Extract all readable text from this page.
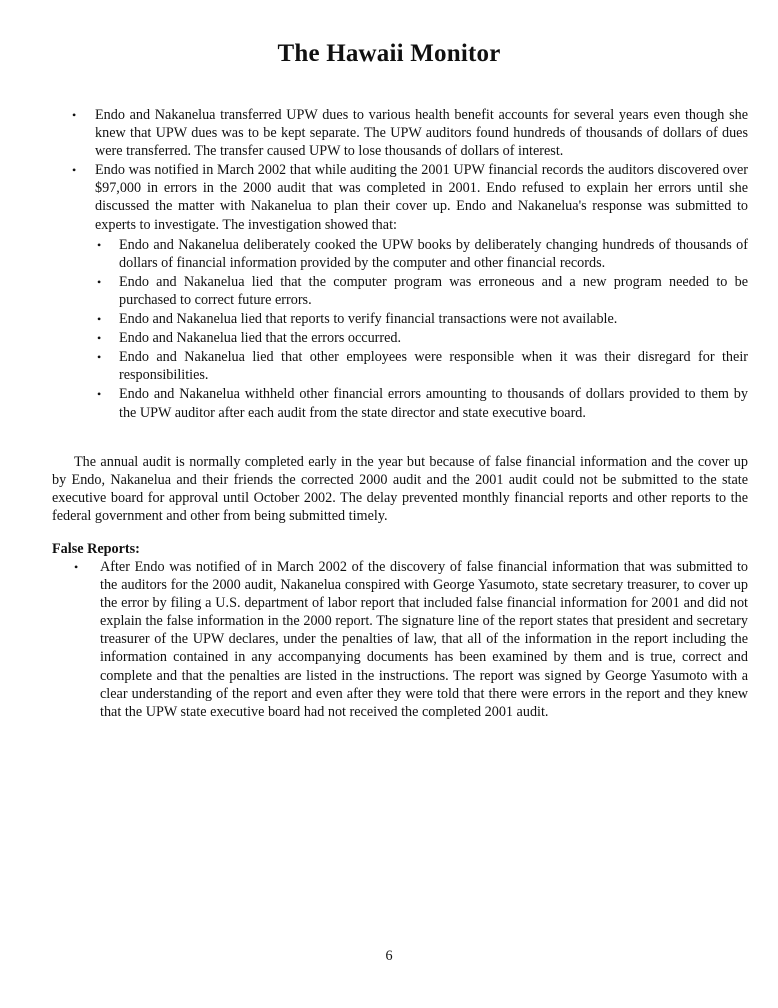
The Hawaii Monitor
• Endo and Nakanelua transferred UPW dues to various health benefit accounts for several years even though she knew that UPW dues was to be kept separate. The UPW auditors found hundreds of thousands of dollars of dues were transferred. The transfer caused UPW to lose thousands of dollars of interest.
• Endo was notified in March 2002 that while auditing the 2001 UPW financial records the auditors discovered over $97,000 in errors in the 2000 audit that was completed in 2001. Endo refused to explain her errors until she discussed the matter with Nakanelua to plan their cover up. Endo and Nakanelua's response was submitted to experts to investigate. The investigation showed that:
• Endo and Nakanelua deliberately cooked the UPW books by deliberately changing hundreds of thousands of dollars of financial information provided by the computer and other financial records.
• Endo and Nakanelua lied that the computer program was erroneous and a new program needed to be purchased to correct future errors.
• Endo and Nakanelua lied that reports to verify financial transactions were not available.
• Endo and Nakanelua lied that the errors occurred.
• Endo and Nakanelua lied that other employees were responsible when it was their disregard for their responsibilities.
• Endo and Nakanelua withheld other financial errors amounting to thousands of dollars provided to them by the UPW auditor after each audit from the state director and state executive board.

The annual audit is normally completed early in the year but because of false financial information and the cover up by Endo, Nakanelua and their friends the corrected 2000 audit and the 2001 audit could not be submitted to the state executive board for approval until October 2002. The delay prevented monthly financial reports and other reports to the federal government and other from being submitted timely.

False Reports:
• After Endo was notified of in March 2002 of the discovery of false financial information that was submitted to the auditors for the 2000 audit, Nakanelua conspired with George Yasumoto, state secretary treasurer, to cover up the error by filing a U.S. department of labor report that included false financial information for 2001 and did not explain the false information in the 2000 report. The signature line of the report states that president and secretary treasurer of the UPW declares, under the penalties of law, that all of the information in the report including the information contained in any accompanying documents has been examined by them and is true, correct and complete and that the penalties are listed in the instructions. The report was signed by George Yasumoto with a clear understanding of the report and even after they were told that there were errors in the report and they knew that the UPW state executive board had not received the completed 2001 audit.
6
